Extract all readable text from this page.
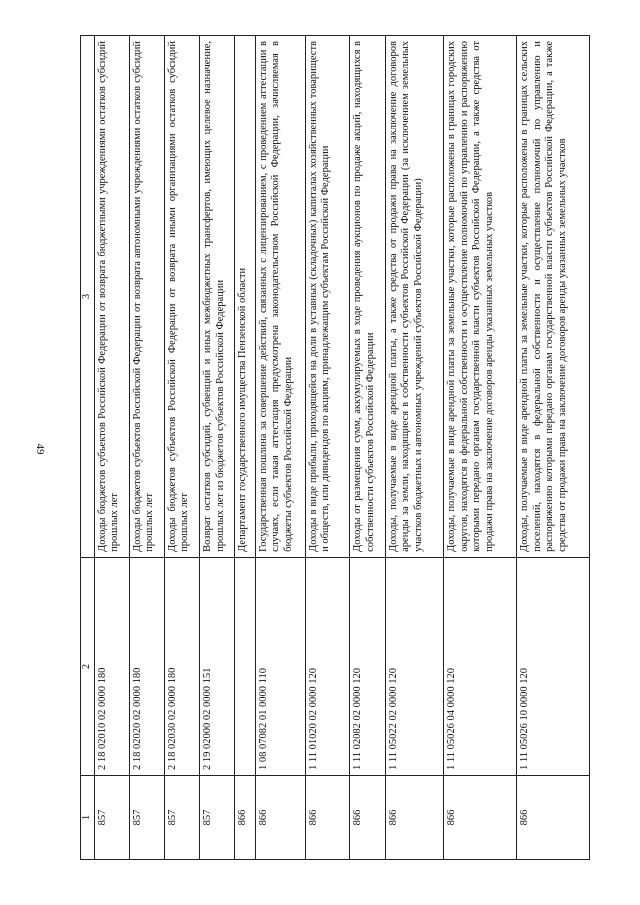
49
1	2	3
857	2 18 02010 02 0000 180	Доходы бюджетов субъектов Российской Федерации от возврата бюджетными учреждениями остатков субсидий прошлых лет
857	2 18 02020 02 0000 180	Доходы бюджетов субъектов Российской Федерации от возврата автономными учреждениями остатков субсидий прошлых лет
857	2 18 02030 02 0000 180	Доходы бюджетов субъектов Российской Федерации от возврата иными организациями остатков субсидий прошлых лет
857	2 19 02000 02 0000 151	Возврат остатков субсидий, субвенций и иных межбюджетных трансфертов, имеющих целевое назначение, прошлых лет из бюджетов субъектов Российской Федерации
866		Департамент государственного имущества Пензенской области
866	1 08 07082 01 0000 110	Государственная пошлина за совершение действий, связанных с лицензированием, с проведением аттестации в случаях, если такая аттестация предусмотрена законодательством Российской Федерации, зачисляемая в бюджеты субъектов Российской Федерации
866	1 11 01020 02 0000 120	Доходы в виде прибыли, приходящейся на доли в уставных (складочных) капиталах хозяйственных товариществ и обществ, или дивидендов по акциям, принадлежащим субъектам Российской Федерации
866	1 11 02082 02 0000 120	Доходы от размещения сумм, аккумулируемых в ходе проведения аукционов по продаже акций, находящихся в собственности субъектов Российской Федерации
866	1 11 05022 02 0000 120	Доходы, получаемые в виде арендной платы, а также средства от продажи права на заключение договоров аренды за земли, находящиеся в собственности субъектов Российской Федерации (за исключением земельных участков бюджетных и автономных учреждений субъектов Российской Федерации)
866	1 11 05026 04 0000 120	Доходы, получаемые в виде арендной платы за земельные участки, которые расположены в границах городских округов, находятся в федеральной собственности и осуществление полномочий по управлению и распоряжению которыми передано органам государственной власти субъектов Российской Федерации, а также средства от продажи права на заключение договоров аренды указанных земельных участков
866	1 11 05026 10 0000 120	Доходы, получаемые в виде арендной платы за земельные участки, которые расположены в границах сельских поселений, находятся в федеральной собственности и осуществление полномочий по управлению и распоряжению которыми передано органам государственной власти субъектов Российской Федерации, а также средства от продажи права на заключение договоров аренды указанных земельных участков
